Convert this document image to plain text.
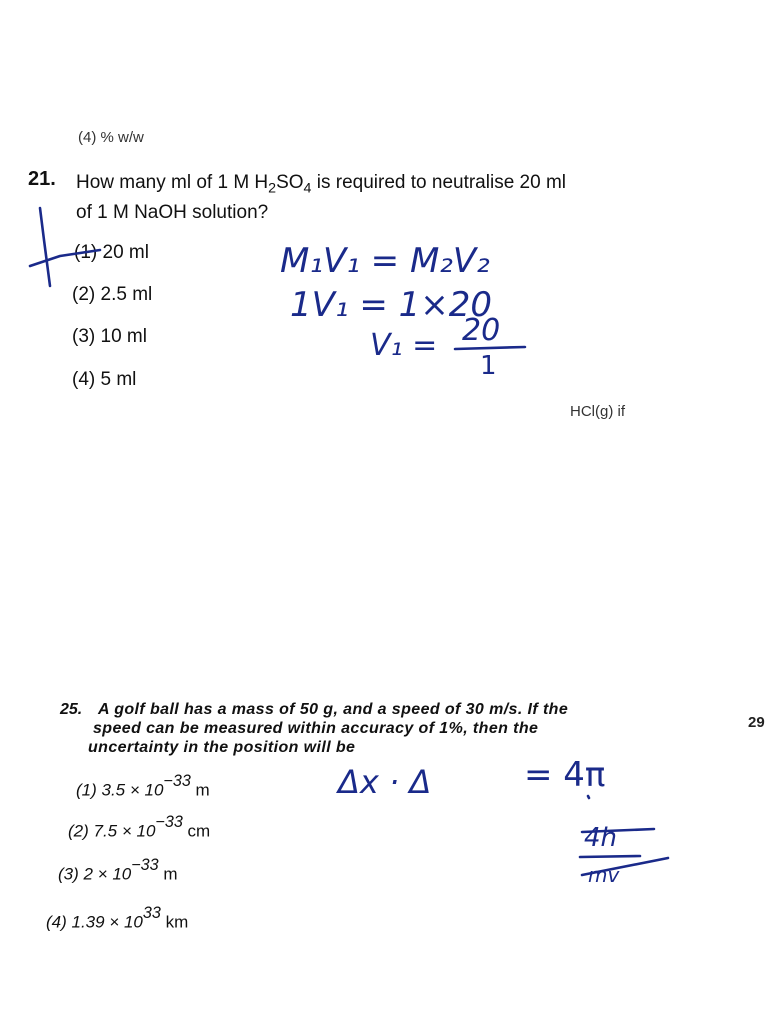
(4) % w/w
21. How many ml of 1 M $H_2SO_4$ is required to neutralise 20 ml
of 1 M NaOH solution?
(1) 20 ml
(2) 2.5 ml
(3) 10 ml
(4) 5 ml
HCl(g) if
25. A golf ball has a mass of 50 g, and a speed of 30 m/s. If the
speed can be measured within accuracy of 1%, then the
uncertainty in the position will be
(1) $3.5 \times 10^{-33}$ m
(2) $7.5 \times 10^{-33}$ cm
(3) $2 \times 10^{-33}$ m
(4) $1.39 \times 10^{33}$ km
29
M₁V₁ = M₂V₂
1V₁ = 1×20
V₁ = 20
1
Δx · Δ	= 4π
4h
mv
